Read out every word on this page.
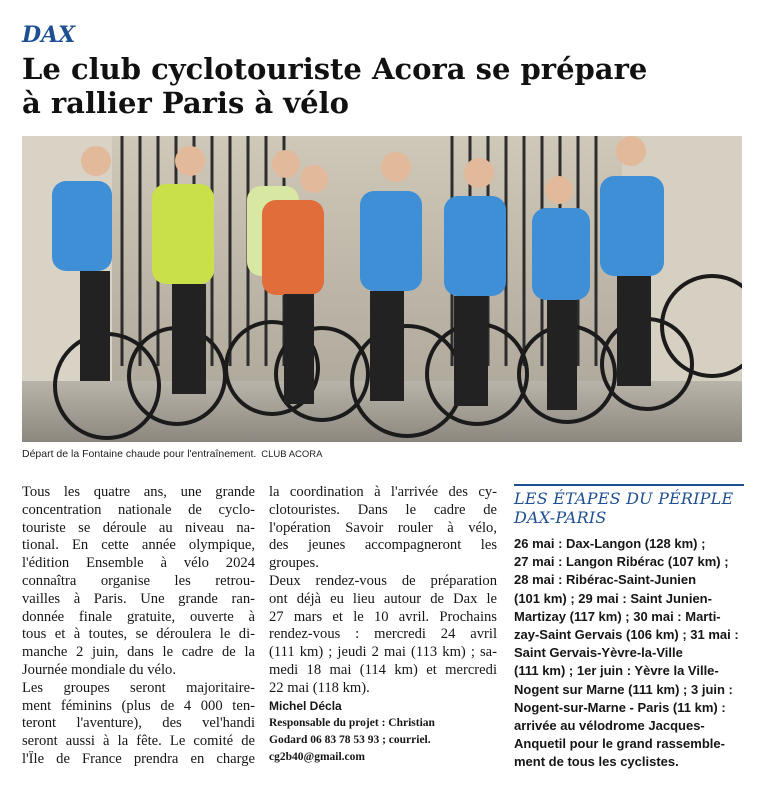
DAX
Le club cyclotouriste Acora se prépare
à rallier Paris à vélo
Départ de la Fontaine chaude pour l'entraînement. CLUB ACORA
Tous les quatre ans, une grande
concentration nationale de cyclo-
touriste se déroule au niveau na-
tional. En cette année olympique,
l'édition Ensemble à vélo 2024
connaîtra organise les retrou-
vailles à Paris. Une grande ran-
donnée finale gratuite, ouverte à
tous et à toutes, se déroulera le di-
manche 2 juin, dans le cadre de la
Journée mondiale du vélo.
Les groupes seront majoritaire-
ment féminins (plus de 4 000 ten-
teront l'aventure), des vel'handi
seront aussi à la fête. Le comité de
l'Île de France prendra en charge
la coordination à l'arrivée des cy-
clotouristes. Dans le cadre de
l'opération Savoir rouler à vélo,
des jeunes accompagneront les
groupes.
Deux rendez-vous de préparation
ont déjà eu lieu autour de Dax le
27 mars et le 10 avril. Prochains
rendez-vous : mercredi 24 avril
(111 km) ; jeudi 2 mai (113 km) ; sa-
medi 18 mai (114 km) et mercredi
22 mai (118 km).
Michel Décla
Responsable du projet : Christian
Godard 06 83 78 53 93 ; courriel.
cg2b40@gmail.com
LES ÉTAPES DU PÉRIPLE
DAX-PARIS
26 mai : Dax-Langon (128 km) ;
27 mai : Langon Ribérac (107 km) ;
28 mai : Ribérac-Saint-Junien
(101 km) ; 29 mai : Saint Junien-
Martizay (117 km) ; 30 mai : Marti-
zay-Saint Gervais (106 km) ; 31 mai :
Saint Gervais-Yèvre-la-Ville
(111 km) ; 1er juin : Yèvre la Ville-
Nogent sur Marne (111 km) ; 3 juin :
Nogent-sur-Marne - Paris (11 km) :
arrivée au vélodrome Jacques-
Anquetil pour le grand rassemble-
ment de tous les cyclistes.
